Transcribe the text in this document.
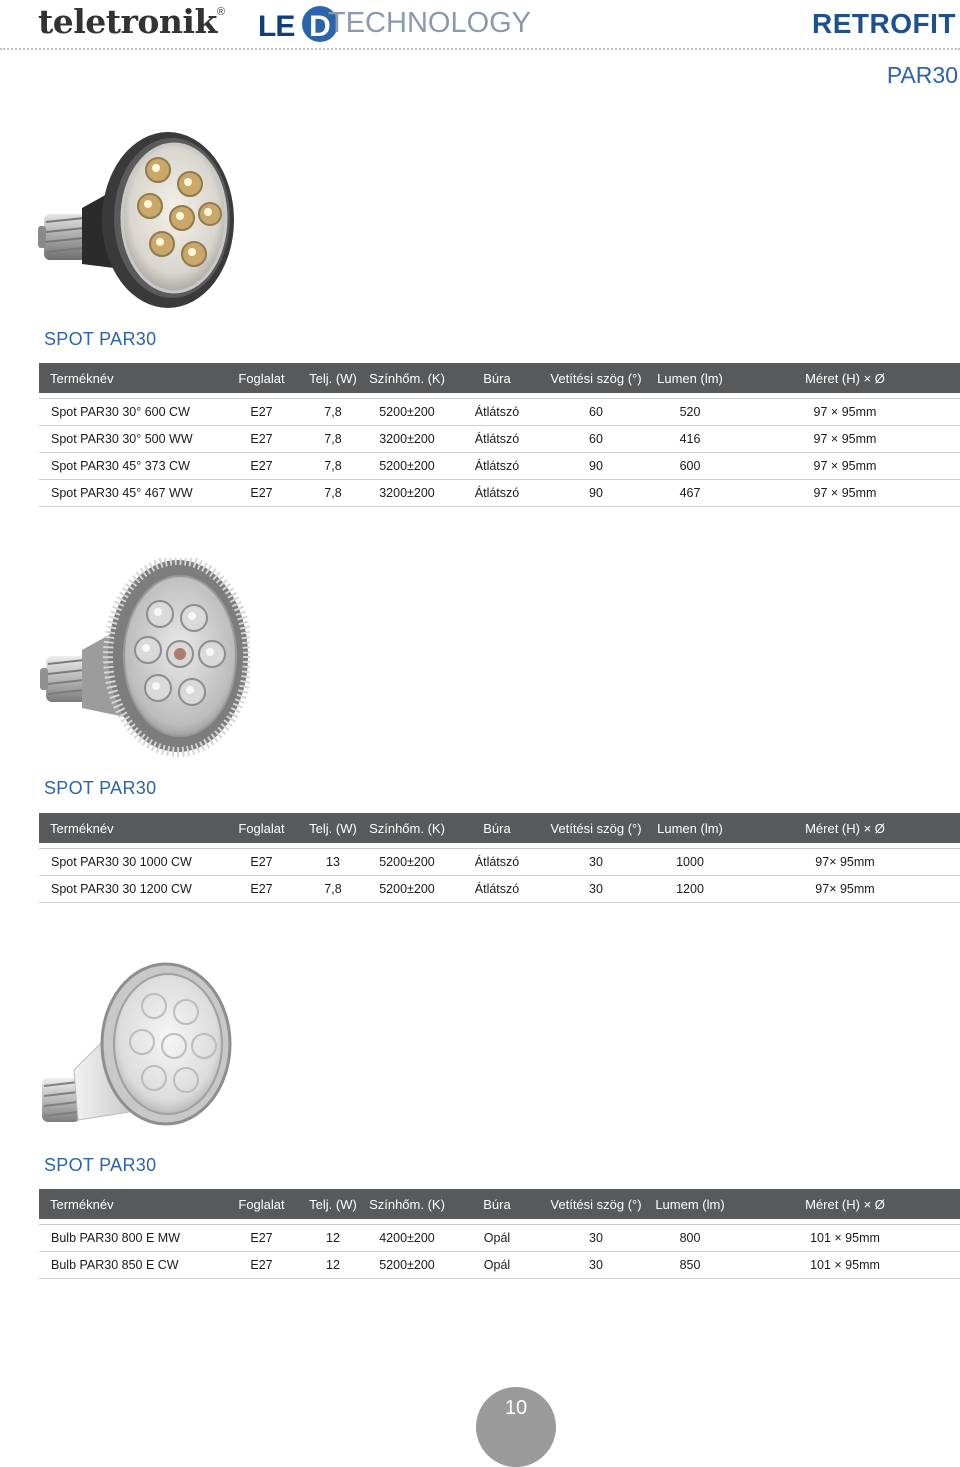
teletronik® LE D
TECHNOLOGY	RETROFIT
PAR30
SPOT PAR30
Terméknév	Foglalat	Telj. (W)	Színhőm. (K)	Búra	Vetítési szög (°)	Lumen (lm)	Méret (H) × Ø

Spot PAR30 30° 600 CW	E27	7,8	5200±200	Átlátszó	60	520	97 × 95mm
Spot PAR30 30° 500 WW	E27	7,8	3200±200	Átlátszó	60	416	97 × 95mm
Spot PAR30 45° 373 CW	E27	7,8	5200±200	Átlátszó	90	600	97 × 95mm
Spot PAR30 45° 467 WW	E27	7,8	3200±200	Átlátszó	90	467	97 × 95mm
SPOT PAR30
Terméknév	Foglalat	Telj. (W)	Színhőm. (K)	Búra	Vetítési szög (°)	Lumen (lm)	Méret (H) × Ø

Spot PAR30 30 1000 CW	E27	13	5200±200	Átlátszó	30	1000	97× 95mm
Spot PAR30 30 1200 CW	E27	7,8	5200±200	Átlátszó	30	1200	97× 95mm
SPOT PAR30
Terméknév	Foglalat	Telj. (W)	Színhőm. (K)	Búra	Vetítési szög (°)	Lumem (lm)	Méret (H) × Ø

Bulb PAR30 800 E MW	E27	12	4200±200	Opál	30	800	101 × 95mm
Bulb PAR30 850 E CW	E27	12	5200±200	Opál	30	850	101 × 95mm
10
